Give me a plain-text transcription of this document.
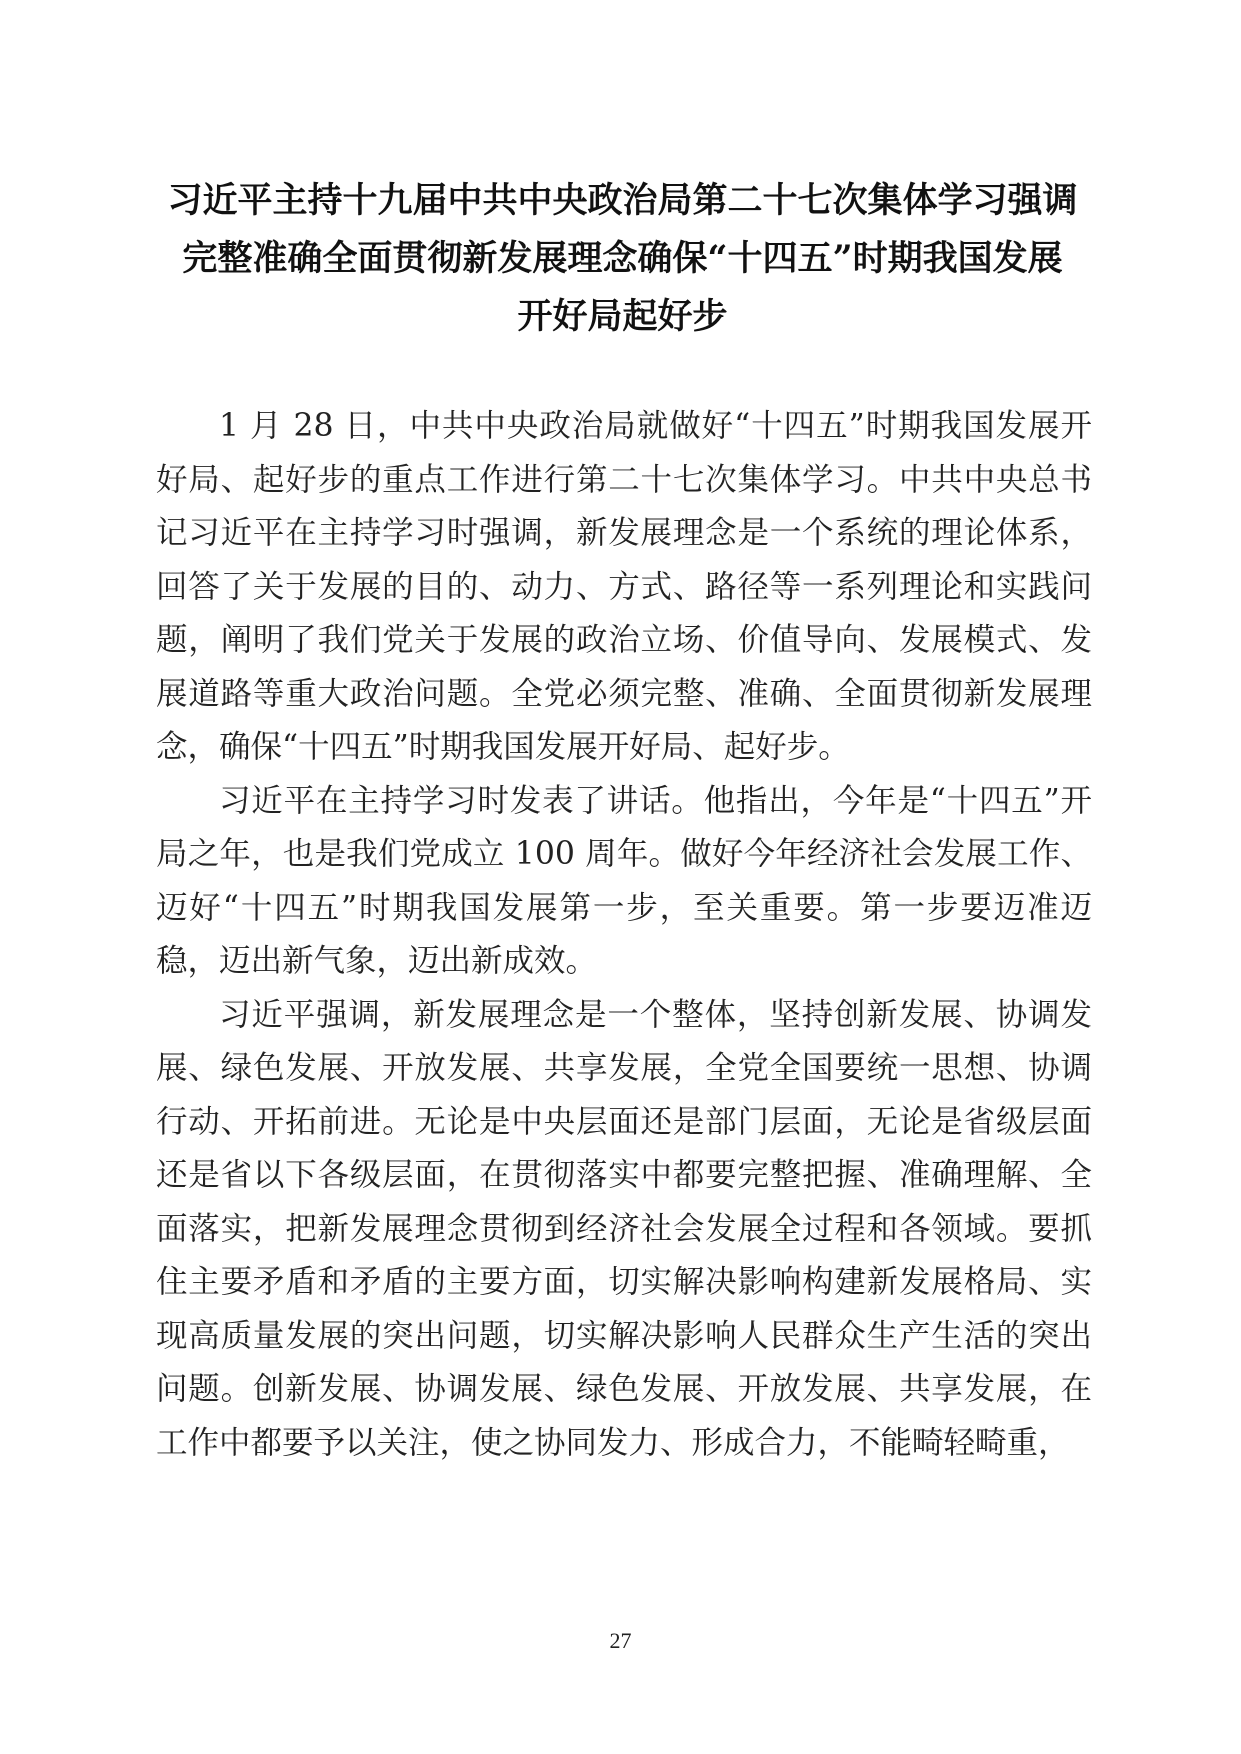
习近平主持十九届中共中央政治局第二十七次集体学习强调
完整准确全面贯彻新发展理念确保“十四五”时期我国发展
开好局起好步

1 月 28 日，中共中央政治局就做好“十四五”时期我国发展开好局、起好步的重点工作进行第二十七次集体学习。中共中央总书记习近平在主持学习时强调，新发展理念是一个系统的理论体系，回答了关于发展的目的、动力、方式、路径等一系列理论和实践问题，阐明了我们党关于发展的政治立场、价值导向、发展模式、发展道路等重大政治问题。全党必须完整、准确、全面贯彻新发展理念，确保“十四五”时期我国发展开好局、起好步。

习近平在主持学习时发表了讲话。他指出，今年是“十四五”开局之年，也是我们党成立 100 周年。做好今年经济社会发展工作、迈好“十四五”时期我国发展第一步，至关重要。第一步要迈准迈稳，迈出新气象，迈出新成效。

习近平强调，新发展理念是一个整体，坚持创新发展、协调发展、绿色发展、开放发展、共享发展，全党全国要统一思想、协调行动、开拓前进。无论是中央层面还是部门层面，无论是省级层面还是省以下各级层面，在贯彻落实中都要完整把握、准确理解、全面落实，把新发展理念贯彻到经济社会发展全过程和各领域。要抓住主要矛盾和矛盾的主要方面，切实解决影响构建新发展格局、实现高质量发展的突出问题，切实解决影响人民群众生产生活的突出问题。创新发展、协调发展、绿色发展、开放发展、共享发展，在工作中都要予以关注，使之协同发力、形成合力，不能畸轻畸重，

27
